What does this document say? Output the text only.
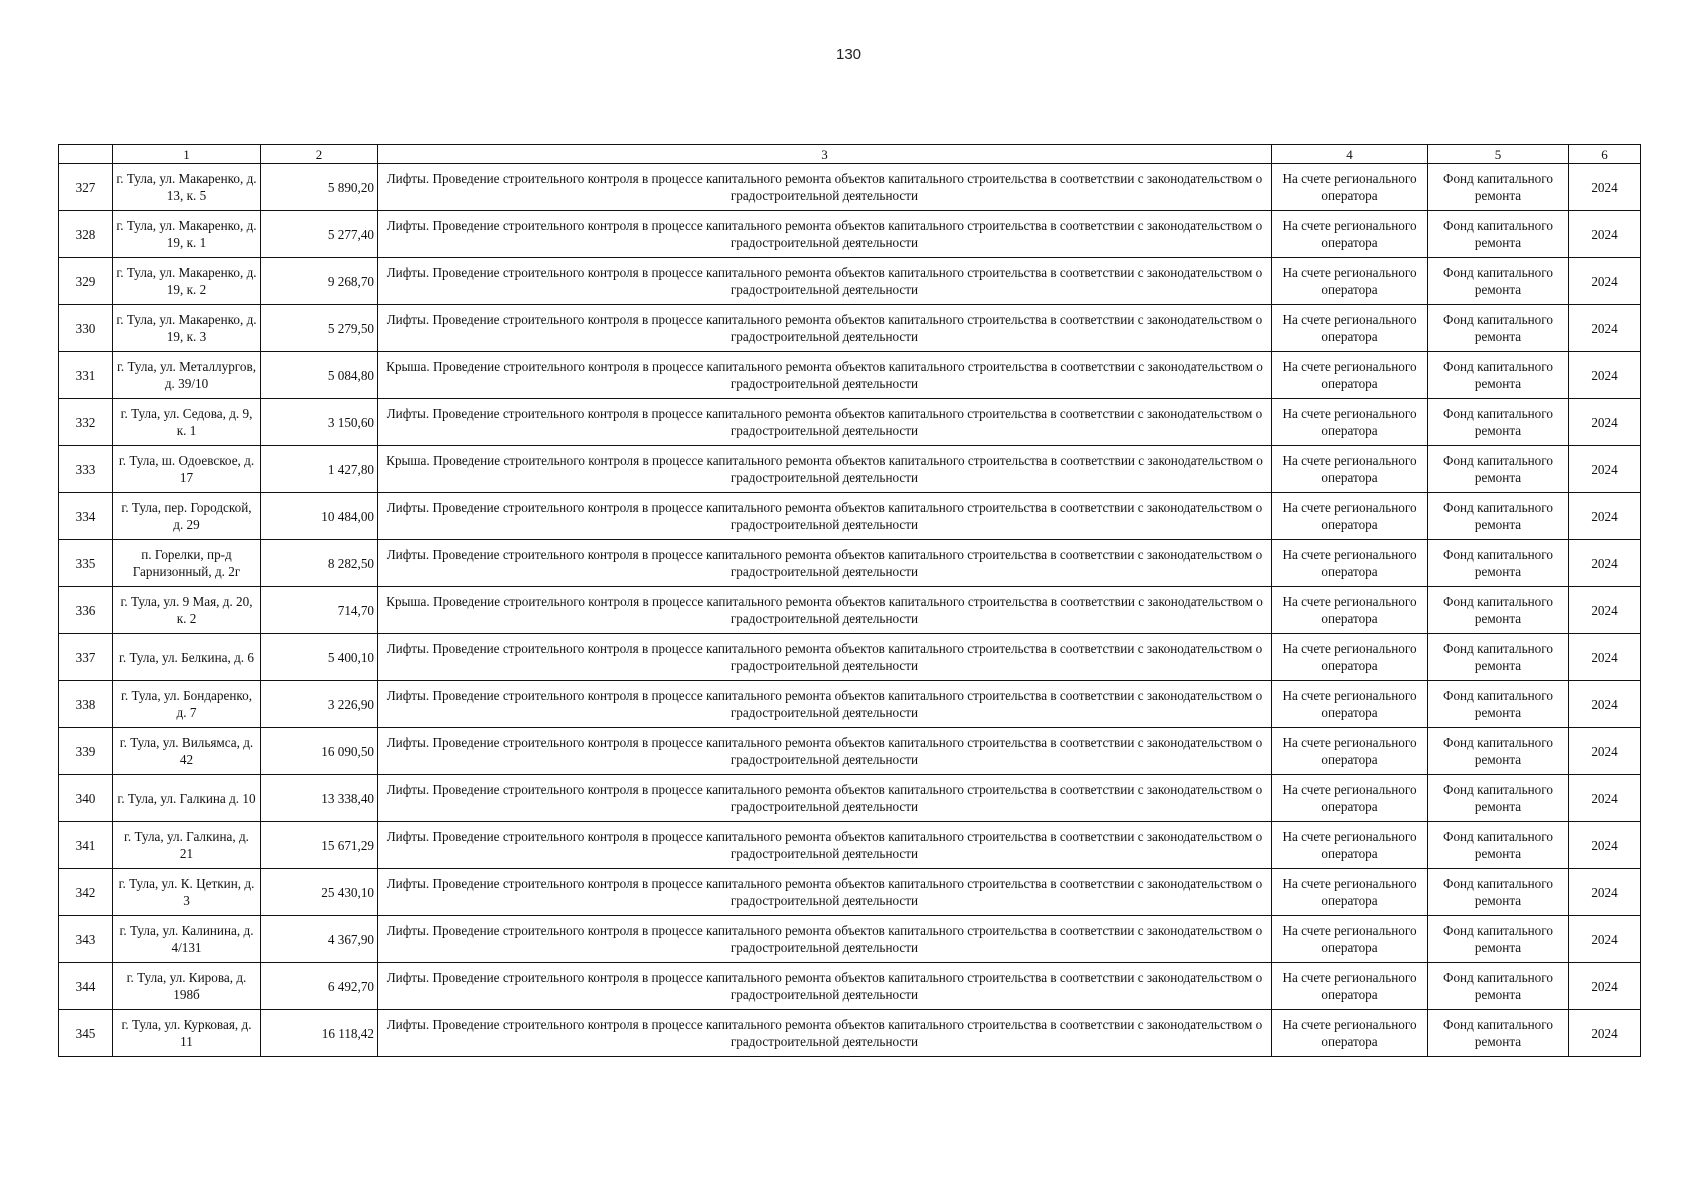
130
	1	2	3	4	5	6
327	г. Тула, ул. Макаренко, д. 13, к. 5	5 890,20	Лифты. Проведение строительного контроля в процессе капитального ремонта объектов капитального строительства в соответствии с законодательством о градостроительной деятельности	На счете регионального оператора	Фонд капитального ремонта	2024
328	г. Тула, ул. Макаренко, д. 19, к. 1	5 277,40	Лифты. Проведение строительного контроля в процессе капитального ремонта объектов капитального строительства в соответствии с законодательством о градостроительной деятельности	На счете регионального оператора	Фонд капитального ремонта	2024
329	г. Тула, ул. Макаренко, д. 19, к. 2	9 268,70	Лифты. Проведение строительного контроля в процессе капитального ремонта объектов капитального строительства в соответствии с законодательством о градостроительной деятельности	На счете регионального оператора	Фонд капитального ремонта	2024
330	г. Тула, ул. Макаренко, д. 19, к. 3	5 279,50	Лифты. Проведение строительного контроля в процессе капитального ремонта объектов капитального строительства в соответствии с законодательством о градостроительной деятельности	На счете регионального оператора	Фонд капитального ремонта	2024
331	г. Тула, ул. Металлургов, д. 39/10	5 084,80	Крыша. Проведение строительного контроля в процессе капитального ремонта объектов капитального строительства в соответствии с законодательством о градостроительной деятельности	На счете регионального оператора	Фонд капитального ремонта	2024
332	г. Тула, ул. Седова, д. 9, к. 1	3 150,60	Лифты. Проведение строительного контроля в процессе капитального ремонта объектов капитального строительства в соответствии с законодательством о градостроительной деятельности	На счете регионального оператора	Фонд капитального ремонта	2024
333	г. Тула, ш. Одоевское, д. 17	1 427,80	Крыша. Проведение строительного контроля в процессе капитального ремонта объектов капитального строительства в соответствии с законодательством о градостроительной деятельности	На счете регионального оператора	Фонд капитального ремонта	2024
334	г. Тула, пер. Городской, д. 29	10 484,00	Лифты. Проведение строительного контроля в процессе капитального ремонта объектов капитального строительства в соответствии с законодательством о градостроительной деятельности	На счете регионального оператора	Фонд капитального ремонта	2024
335	п. Горелки, пр-д Гарнизонный, д. 2г	8 282,50	Лифты. Проведение строительного контроля в процессе капитального ремонта объектов капитального строительства в соответствии с законодательством о градостроительной деятельности	На счете регионального оператора	Фонд капитального ремонта	2024
336	г. Тула, ул. 9 Мая, д. 20, к. 2	714,70	Крыша. Проведение строительного контроля в процессе капитального ремонта объектов капитального строительства в соответствии с законодательством о градостроительной деятельности	На счете регионального оператора	Фонд капитального ремонта	2024
337	г. Тула, ул. Белкина, д. 6	5 400,10	Лифты. Проведение строительного контроля в процессе капитального ремонта объектов капитального строительства в соответствии с законодательством о градостроительной деятельности	На счете регионального оператора	Фонд капитального ремонта	2024
338	г. Тула, ул. Бондаренко, д. 7	3 226,90	Лифты. Проведение строительного контроля в процессе капитального ремонта объектов капитального строительства в соответствии с законодательством о градостроительной деятельности	На счете регионального оператора	Фонд капитального ремонта	2024
339	г. Тула, ул. Вильямса, д. 42	16 090,50	Лифты. Проведение строительного контроля в процессе капитального ремонта объектов капитального строительства в соответствии с законодательством о градостроительной деятельности	На счете регионального оператора	Фонд капитального ремонта	2024
340	г. Тула, ул. Галкина д. 10	13 338,40	Лифты. Проведение строительного контроля в процессе капитального ремонта объектов капитального строительства в соответствии с законодательством о градостроительной деятельности	На счете регионального оператора	Фонд капитального ремонта	2024
341	г. Тула, ул. Галкина, д. 21	15 671,29	Лифты. Проведение строительного контроля в процессе капитального ремонта объектов капитального строительства в соответствии с законодательством о градостроительной деятельности	На счете регионального оператора	Фонд капитального ремонта	2024
342	г. Тула, ул. К. Цеткин, д. 3	25 430,10	Лифты. Проведение строительного контроля в процессе капитального ремонта объектов капитального строительства в соответствии с законодательством о градостроительной деятельности	На счете регионального оператора	Фонд капитального ремонта	2024
343	г. Тула, ул. Калинина, д. 4/131	4 367,90	Лифты. Проведение строительного контроля в процессе капитального ремонта объектов капитального строительства в соответствии с законодательством о градостроительной деятельности	На счете регионального оператора	Фонд капитального ремонта	2024
344	г. Тула, ул. Кирова, д. 198б	6 492,70	Лифты. Проведение строительного контроля в процессе капитального ремонта объектов капитального строительства в соответствии с законодательством о градостроительной деятельности	На счете регионального оператора	Фонд капитального ремонта	2024
345	г. Тула, ул. Курковая, д. 11	16 118,42	Лифты. Проведение строительного контроля в процессе капитального ремонта объектов капитального строительства в соответствии с законодательством о градостроительной деятельности	На счете регионального оператора	Фонд капитального ремонта	2024
